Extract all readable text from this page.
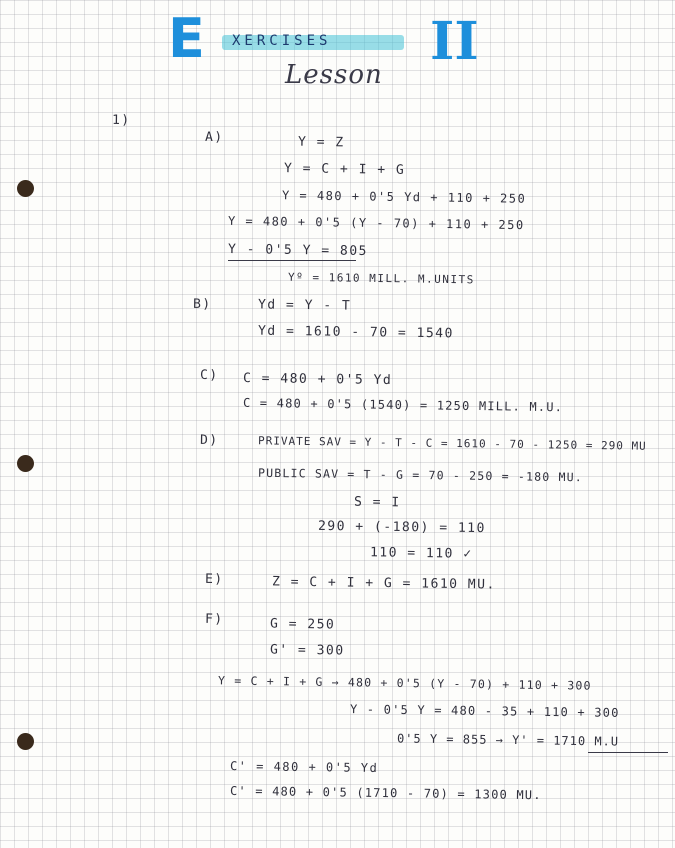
E XERCISES
Lesson
II
1)
A)	Y = Z
Y = C + I + G
Y = 480 + 0'5 Yd + 110 + 250
Y = 480 + 0'5 (Y - 70) + 110 + 250
Y - 0'5 Y = 805
Yº = 1610 MILL. M.UNITS
B)	Yd = Y - T
Yd = 1610 - 70 = 1540
C) C = 480 + 0'5 Yd
C = 480 + 0'5 (1540) = 1250 MILL. M.U.
D)	PRIVATE SAV = Y - T - C = 1610 - 70 - 1250 = 290 MU
PUBLIC SAV = T - G = 70 - 250 = -180 MU.
S = I
290 + (-180) = 110
110 = 110 ✓
E)	Z = C + I + G = 1610 MU.
F)	G = 250
G' = 300
Y = C + I + G → 480 + 0'5 (Y - 70) + 110 + 300
Y - 0'5 Y = 480 - 35 + 110 + 300
0'5 Y = 855 → Y' = 1710 M.U
C' = 480 + 0'5 Yd
C' = 480 + 0'5 (1710 - 70) = 1300 MU.
